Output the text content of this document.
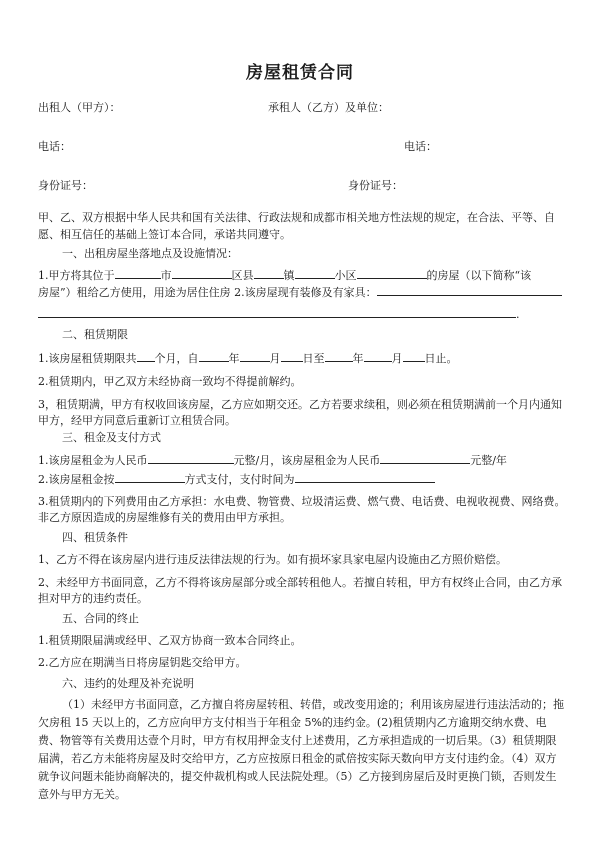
房屋租赁合同
出租人（甲方）：	承租人（乙方）及单位：
电话：	电话：
身份证号：	身份证号：
甲、乙、双方根据中华人民共和国有关法律、行政法规和成都市相关地方性法规的规定，在合法、平等、自愿、相互信任的基础上签订本合同，承诺共同遵守。
一、出租房屋坐落地点及设施情况：
1.甲方将其位于	市	区县	镇	小区	的房屋（以下简称“该
房屋”）租给乙方使用，用途为居住住房 2.该房屋现有装修及有家具：
.
二、租赁期限
1.该房屋租赁期限共 个月，自	年	月 日至	年	月 日止。
2.租赁期内，甲乙双方未经协商一致均不得提前解约。
3，租赁期满，甲方有权收回该房屋，乙方应如期交还。乙方若要求续租，则必须在租赁期满前一个月内通知
甲方，经甲方同意后重新订立租赁合同。
三、租金及支付方式
1.该房屋租金为人民币	元整/月，该房屋租金为人民币	元整/年
2.该房屋租金按	方式支付，支付时间为
3.租赁期内的下列费用由乙方承担：水电费、物管费、垃圾清运费、燃气费、电话费、电视收视费、网络费。
非乙方原因造成的房屋维修有关的费用由甲方承担。
四、租赁条件
1、乙方不得在该房屋内进行违反法律法规的行为。如有损坏家具家电屋内设施由乙方照价赔偿。
2、未经甲方书面同意，乙方不得将该房屋部分或全部转租他人。若擅自转租，甲方有权终止合同，由乙方承
担对甲方的违约责任。
五、合同的终止
1.租赁期限届满或经甲、乙双方协商一致本合同终止。
2.乙方应在期满当日将房屋钥匙交给甲方。
六、违约的处理及补充说明
（1）未经甲方书面同意，乙方擅自将房屋转租、转借，或改变用途的；利用该房屋进行违法活动的；拖欠房租 15 天以上的，乙方应向甲方支付相当于年租金 5%的违约金。(2)租赁期内乙方逾期交纳水费、电费、物管等有关费用达壹个月时，甲方有权用押金支付上述费用，乙方承担造成的一切后果。（3）租赁期限届满，若乙方未能将房屋及时交给甲方，乙方应按原日租金的贰倍按实际天数向甲方支付违约金。（4）双方就争议问题未能协商解决的，提交仲裁机构或人民法院处理。（5）乙方接到房屋后及时更换门锁，否则发生意外与甲方无关。
